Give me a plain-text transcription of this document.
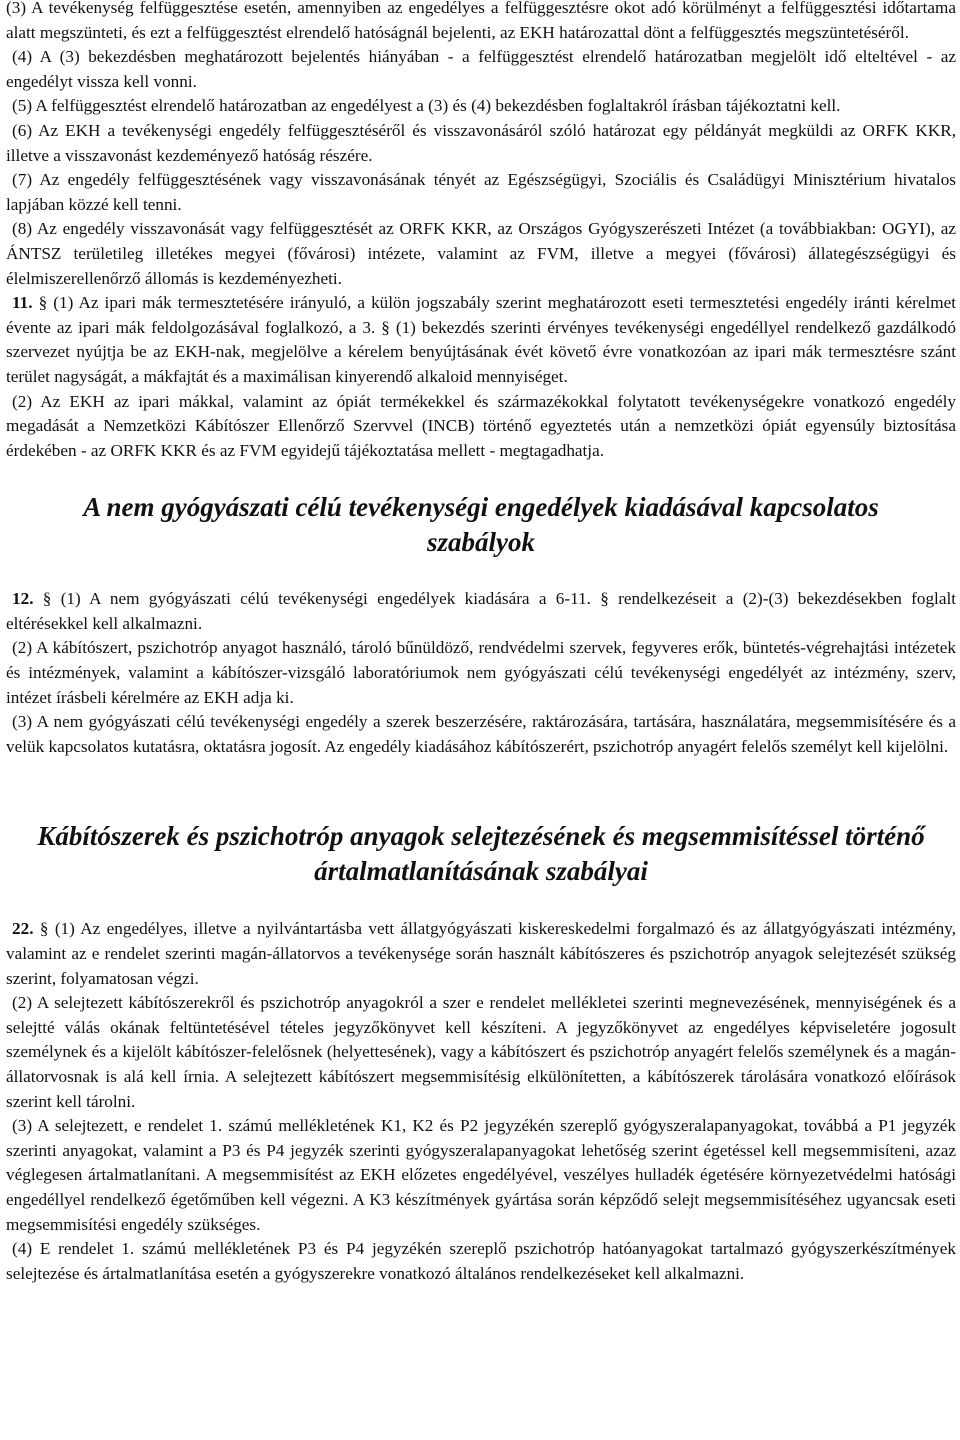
(3) A tevékenység felfüggesztése esetén, amennyiben az engedélyes a felfüggesztésre okot adó körülményt a felfüggesztési időtartama alatt megszünteti, és ezt a felfüggesztést elrendelő hatóságnál bejelenti, az EKH határozattal dönt a felfüggesztés megszüntetéséről.

(4) A (3) bekezdésben meghatározott bejelentés hiányában - a felfüggesztést elrendelő határozatban megjelölt idő elteltével - az engedélyt vissza kell vonni.

(5) A felfüggesztést elrendelő határozatban az engedélyest a (3) és (4) bekezdésben foglaltakról írásban tájékoztatni kell.

(6) Az EKH a tevékenységi engedély felfüggesztéséről és visszavonásáról szóló határozat egy példányát megküldi az ORFK KKR, illetve a visszavonást kezdeményező hatóság részére.

(7) Az engedély felfüggesztésének vagy visszavonásának tényét az Egészségügyi, Szociális és Családügyi Minisztérium hivatalos lapjában közzé kell tenni.

(8) Az engedély visszavonását vagy felfüggesztését az ORFK KKR, az Országos Gyógyszerészeti Intézet (a továbbiakban: OGYI), az ÁNTSZ területileg illetékes megyei (fővárosi) intézete, valamint az FVM, illetve a megyei (fővárosi) állategészségügyi és élelmiszerellenőrző állomás is kezdeményezheti.

11. § (1) Az ipari mák termesztetésére irányuló, a külön jogszabály szerint meghatározott eseti termesztetési engedély iránti kérelmet évente az ipari mák feldolgozásával foglalkozó, a 3. § (1) bekezdés szerinti érvényes tevékenységi engedéllyel rendelkező gazdálkodó szervezet nyújtja be az EKH-nak, megjelölve a kérelem benyújtásának évét követő évre vonatkozóan az ipari mák termesztésre szánt terület nagyságát, a mákfajtát és a maximálisan kinyerendő alkaloid mennyiséget.

(2) Az EKH az ipari mákkal, valamint az ópiát termékekkel és származékokkal folytatott tevékenységekre vonatkozó engedély megadását a Nemzetközi Kábítószer Ellenőrző Szervvel (INCB) történő egyeztetés után a nemzetközi ópiát egyensúly biztosítása érdekében - az ORFK KKR és az FVM egyidejű tájékoztatása mellett - megtagadhatja.

A nem gyógyászati célú tevékenységi engedélyek kiadásával kapcsolatos szabályok

12. § (1) A nem gyógyászati célú tevékenységi engedélyek kiadására a 6-11. § rendelkezéseit a (2)-(3) bekezdésekben foglalt eltérésekkel kell alkalmazni.

(2) A kábítószert, pszichotróp anyagot használó, tároló bűnüldöző, rendvédelmi szervek, fegyveres erők, büntetés-végrehajtási intézetek és intézmények, valamint a kábítószer-vizsgáló laboratóriumok nem gyógyászati célú tevékenységi engedélyét az intézmény, szerv, intézet írásbeli kérelmére az EKH adja ki.

(3) A nem gyógyászati célú tevékenységi engedély a szerek beszerzésére, raktározására, tartására, használatára, megsemmisítésére és a velük kapcsolatos kutatásra, oktatásra jogosít. Az engedély kiadásához kábítószerért, pszichotróp anyagért felelős személyt kell kijelölni.

Kábítószerek és pszichotróp anyagok selejtezésének és megsemmisítéssel történő ártalmatlanításának szabályai

22. § (1) Az engedélyes, illetve a nyilvántartásba vett állatgyógyászati kiskereskedelmi forgalmazó és az állatgyógyászati intézmény, valamint az e rendelet szerinti magán-állatorvos a tevékenysége során használt kábítószeres és pszichotróp anyagok selejtezését szükség szerint, folyamatosan végzi.

(2) A selejtezett kábítószerekről és pszichotróp anyagokról a szer e rendelet mellékletei szerinti megnevezésének, mennyiségének és a selejtté válás okának feltüntetésével tételes jegyzőkönyvet kell készíteni. A jegyzőkönyvet az engedélyes képviseletére jogosult személynek és a kijelölt kábítószer-felelősnek (helyettesének), vagy a kábítószert és pszichotróp anyagért felelős személynek és a magán-állatorvosnak is alá kell írnia. A selejtezett kábítószert megsemmisítésig elkülönítetten, a kábítószerek tárolására vonatkozó előírások szerint kell tárolni.

(3) A selejtezett, e rendelet 1. számú mellékletének K1, K2 és P2 jegyzékén szereplő gyógyszeralapanyagokat, továbbá a P1 jegyzék szerinti anyagokat, valamint a P3 és P4 jegyzék szerinti gyógyszeralapanyagokat lehetőség szerint égetéssel kell megsemmisíteni, azaz véglegesen ártalmatlanítani. A megsemmisítést az EKH előzetes engedélyével, veszélyes hulladék égetésére környezetvédelmi hatósági engedéllyel rendelkező égetőműben kell végezni. A K3 készítmények gyártása során képződő selejt megsemmisítéséhez ugyancsak eseti megsemmisítési engedély szükséges.

(4) E rendelet 1. számú mellékletének P3 és P4 jegyzékén szereplő pszichotróp hatóanyagokat tartalmazó gyógyszerkészítmények selejtezése és ártalmatlanítása esetén a gyógyszerekre vonatkozó általános rendelkezéseket kell alkalmazni.
